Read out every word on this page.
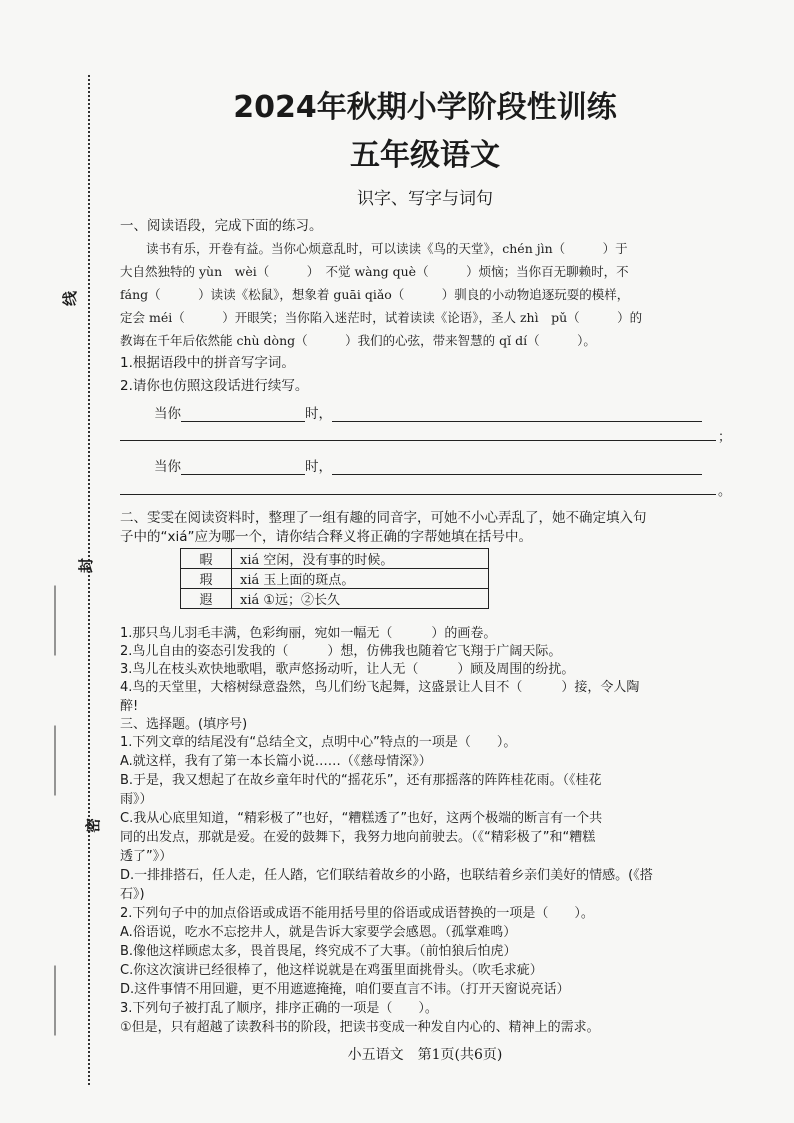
线
封
密
2024年秋期小学阶段性训练
五年级语文
识字、写字与词句
一、阅读语段，完成下面的练习。
读书有乐，开卷有益。当你心烦意乱时，可以读读《鸟的天堂》，chén jìn（　　　）于
大自然独特的 yùn　wèi（　　　）　不觉 wàng què（　　　）烦恼；当你百无聊赖时，不
fáng（　　　）读读《松鼠》，想象着 guāi qiǎo（　　　）驯良的小动物追逐玩耍的模样，
定会 méi（　　　）开眼笑；当你陷入迷茫时，试着读读《论语》，圣人 zhì　pǔ（　　　）的
教诲在千年后依然能 chù dòng（　　　）我们的心弦，带来智慧的 qǐ dí（　　　）。
1.根据语段中的拼音写字词。
2.请你也仿照这段话进行续写。
当你	时，
；
当你	时，
。
二、雯雯在阅读资料时，整理了一组有趣的同音字，可她不小心弄乱了，她不确定填入句
子中的“xiá”应为哪一个，请你结合释义将正确的字帮她填在括号中。
暇	xiá 空闲，没有事的时候。
瑕	xiá 玉上面的斑点。
遐	xiá ①远；②长久
1.那只鸟儿羽毛丰满，色彩绚丽，宛如一幅无（　　　）的画卷。
2.鸟儿自由的姿态引发我的（　　　）想，仿佛我也随着它飞翔于广阔天际。
3.鸟儿在枝头欢快地歌唱，歌声悠扬动听，让人无（　　　）顾及周围的纷扰。
4.鸟的天堂里，大榕树绿意盎然，鸟儿们纷飞起舞，这盛景让人目不（　　　）接，令人陶
醉!
三、选择题。(填序号)
1.下列文章的结尾没有“总结全文，点明中心”特点的一项是（　　）。
A.就这样，我有了第一本长篇小说……（《慈母情深》）
B.于是，我又想起了在故乡童年时代的“摇花乐”，还有那摇落的阵阵桂花雨。（《桂花
雨》）
C.我从心底里知道，“精彩极了”也好，“糟糕透了”也好，这两个极端的断言有一个共
同的出发点，那就是爱。在爱的鼓舞下，我努力地向前驶去。（《“精彩极了”和“糟糕
透了”》）
D.一排排搭石，任人走，任人踏，它们联结着故乡的小路，也联结着乡亲们美好的情感。(《搭
石》)
2.下列句子中的加点俗语或成语不能用括号里的俗语或成语替换的一项是（　　）。
A.俗语说，吃水不忘挖井人，就是告诉大家要学会感恩。（孤掌难鸣）
B.像他这样顾虑太多，畏首畏尾，终究成不了大事。（前怕狼后怕虎）
C.你这次演讲已经很棒了，他这样说就是在鸡蛋里面挑骨头。（吹毛求疵）
D.这件事情不用回避，更不用遮遮掩掩，咱们要直言不讳。（打开天窗说亮话）
3.下列句子被打乱了顺序，排序正确的一项是（　　）。
①但是，只有超越了读教科书的阶段，把读书变成一种发自内心的、精神上的需求。
小五语文　第1页(共6页)
